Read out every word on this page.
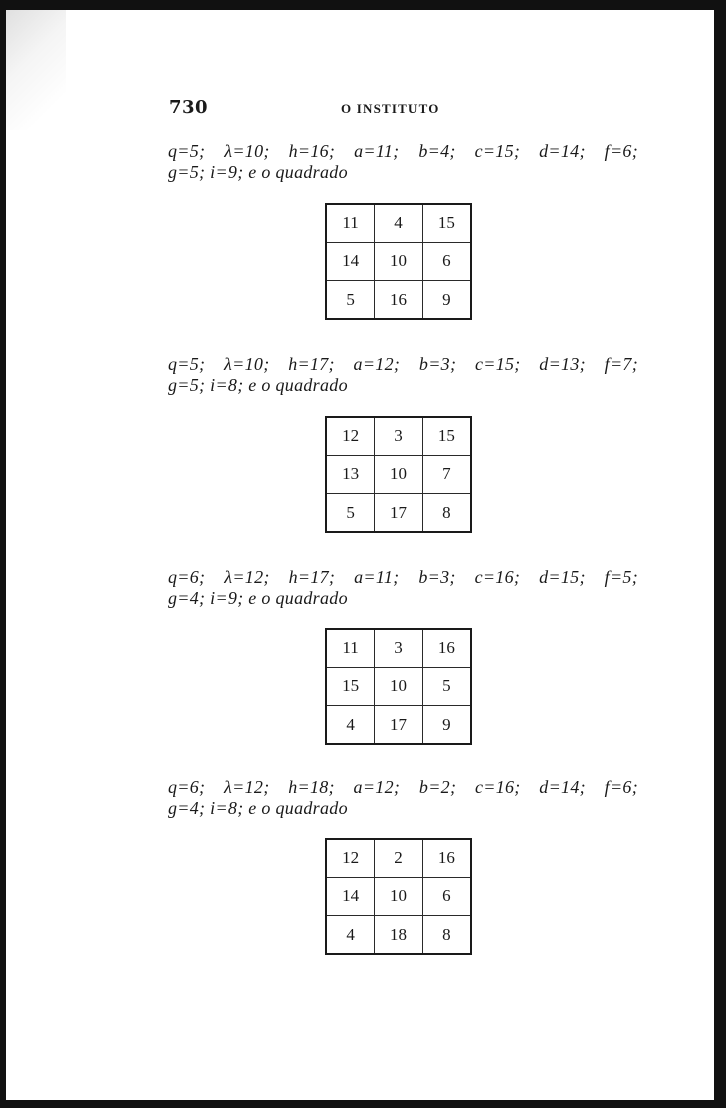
730	O INSTITUTO
q=5; λ=10; h=16; a=11; b=4; c=15; d=14; f=6;
g=5; i=9; e o quadrado
11	4	15
14	10	6
5	16	9
q=5; λ=10; h=17; a=12; b=3; c=15; d=13; f=7;
g=5; i=8; e o quadrado
12	3	15
13	10	7
5	17	8
q=6; λ=12; h=17; a=11; b=3; c=16; d=15; f=5;
g=4; i=9; e o quadrado
11	3	16
15	10	5
4	17	9
q=6; λ=12; h=18; a=12; b=2; c=16; d=14; f=6;
g=4; i=8; e o quadrado
12	2	16
14	10	6
4	18	8
